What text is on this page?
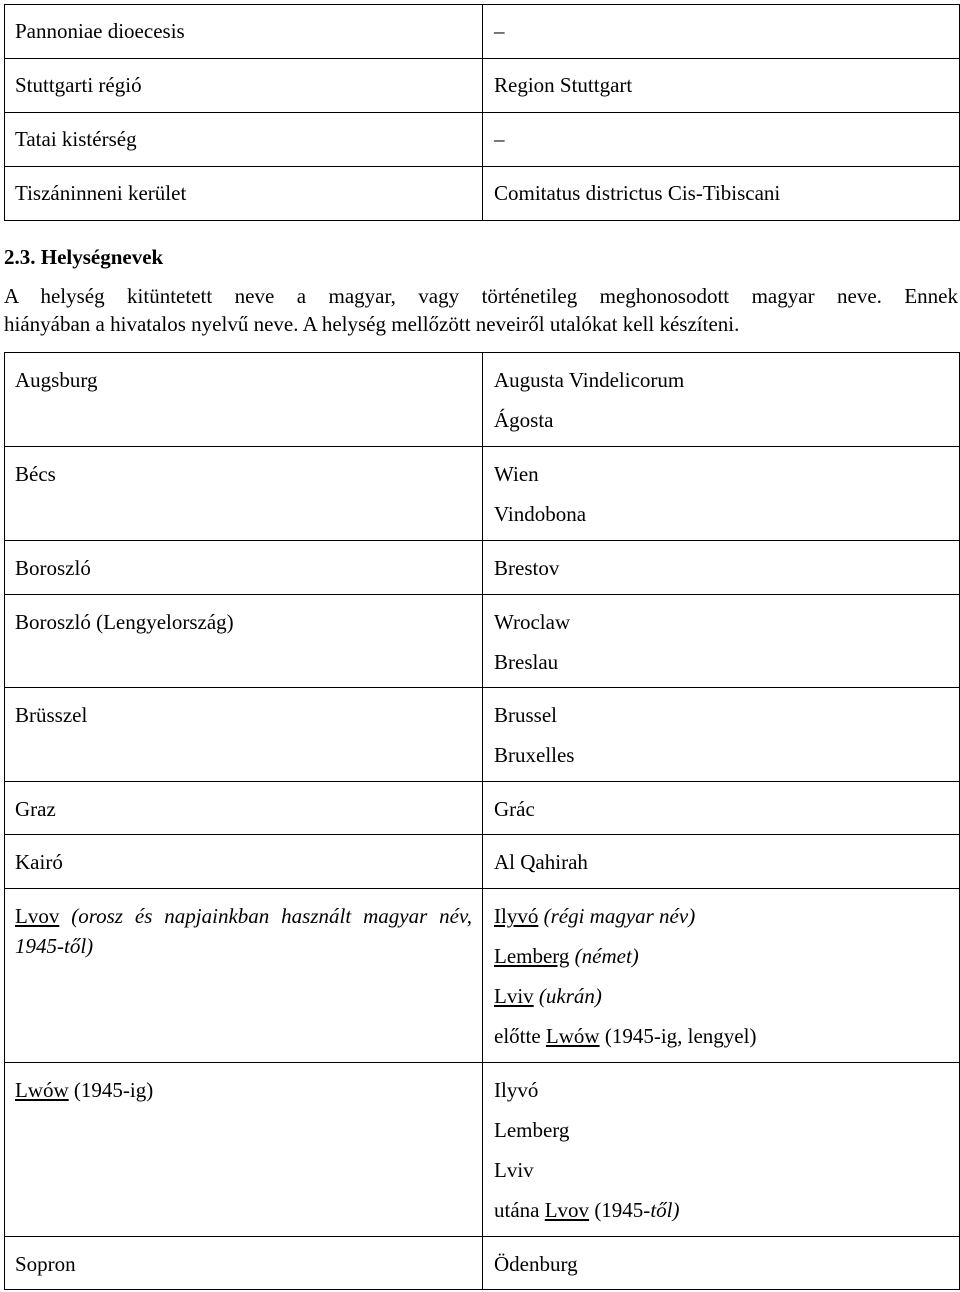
Pannoniae dioecesis	–
Stuttgarti régió	Region Stuttgart
Tatai kistérség	–
Tiszáninneni kerület	Comitatus districtus Cis-Tibiscani
2.3. Helységnevek
A helység kitüntetett neve a magyar, vagy történetileg meghonosodott magyar neve. Ennek
hiányában a hivatalos nyelvű neve. A helység mellőzött neveiről utalókat kell készíteni.
Augsburg	Augusta Vindelicorum
Ágosta

Bécs	Wien
Vindobona

Boroszló	Brestov

Boroszló (Lengyelország)	Wroclaw
Breslau

Brüsszel	Brussel
Bruxelles

Graz	Grác

Kairó	Al Qahirah

Lvov (orosz és napjainkban használt magyar név, 1945-től)	Ilyvó (régi magyar név)
Lemberg (német)
Lviv (ukrán)
előtte Lwów (1945-ig, lengyel)

Lwów (1945-ig)	Ilyvó
Lemberg
Lviv
utána Lvov (1945-től)

Sopron	Ödenburg
